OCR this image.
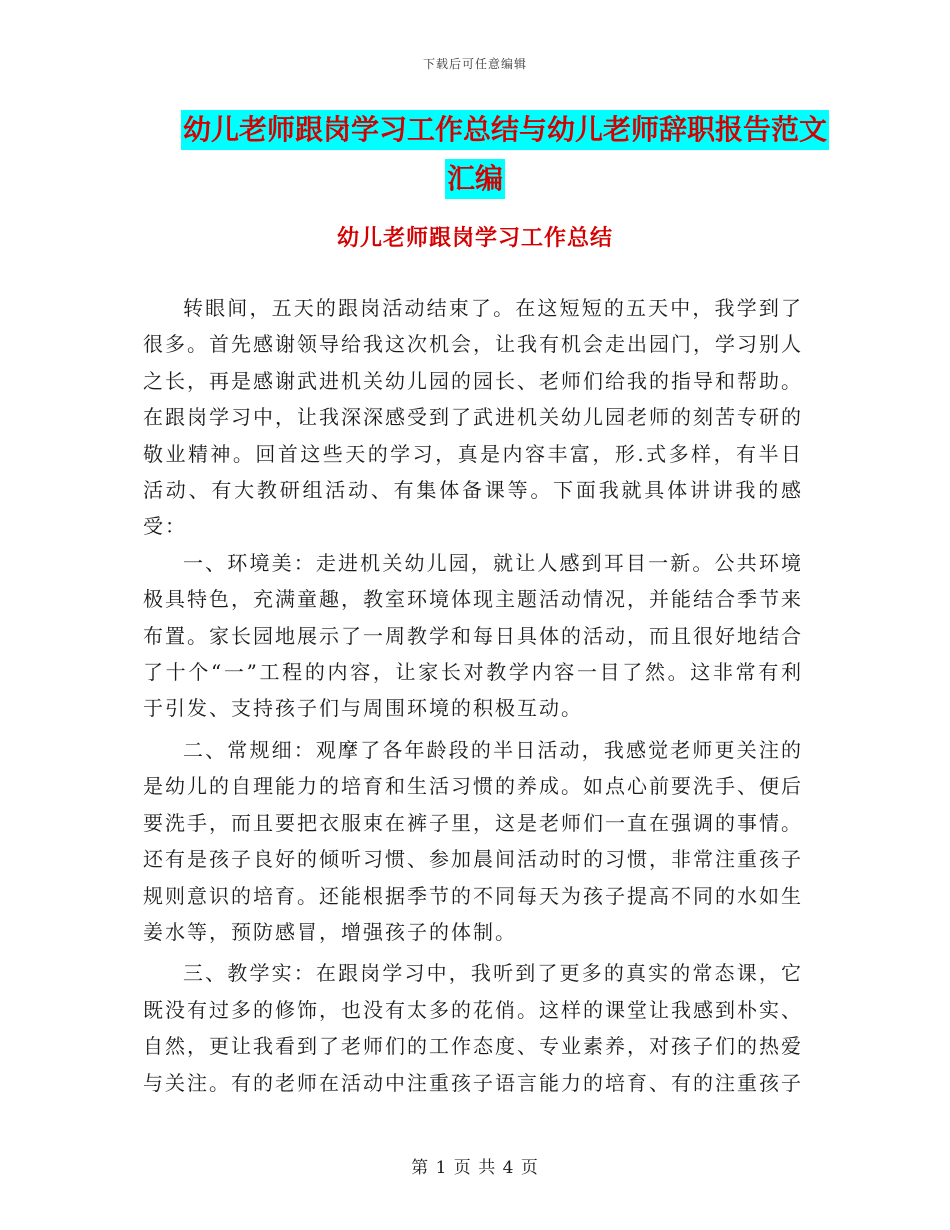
下载后可任意编辑
幼儿老师跟岗学习工作总结与幼儿老师辞职报告范文
汇编
幼儿老师跟岗学习工作总结

转眼间，五天的跟岗活动结束了。在这短短的五天中，我学到了很多。首先感谢领导给我这次机会，让我有机会走出园门，学习别人之长，再是感谢武进机关幼儿园的园长、老师们给我的指导和帮助。在跟岗学习中，让我深深感受到了武进机关幼儿园老师的刻苦专研的敬业精神。回首这些天的学习，真是内容丰富，形.式多样，有半日活动、有大教研组活动、有集体备课等。下面我就具体讲讲我的感受：

一、环境美：走进机关幼儿园，就让人感到耳目一新。公共环境极具特色，充满童趣，教室环境体现主题活动情况，并能结合季节来布置。家长园地展示了一周教学和每日具体的活动，而且很好地结合了十个“一”工程的内容，让家长对教学内容一目了然。这非常有利于引发、支持孩子们与周围环境的积极互动。

二、常规细：观摩了各年龄段的半日活动，我感觉老师更关注的是幼儿的自理能力的培育和生活习惯的养成。如点心前要洗手、便后要洗手，而且要把衣服束在裤子里，这是老师们一直在强调的事情。还有是孩子良好的倾听习惯、参加晨间活动时的习惯，非常注重孩子规则意识的培育。还能根据季节的不同每天为孩子提高不同的水如生姜水等，预防感冒，增强孩子的体制。

三、教学实：在跟岗学习中，我听到了更多的真实的常态课，它既没有过多的修饰，也没有太多的花俏。这样的课堂让我感到朴实、自然，更让我看到了老师们的工作态度、专业素养，对孩子们的热爱与关注。有的老师在活动中注重孩子语言能力的培育、有的注重孩子

第 1 页 共 4 页
